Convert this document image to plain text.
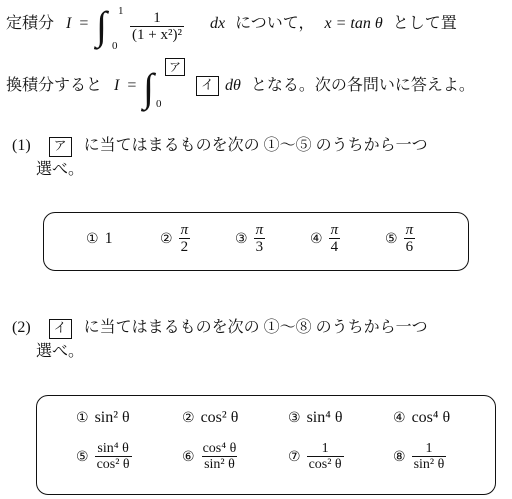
定積分 I = ∫ 1
0
$\frac{1}{\text{(1 + x²)²}}$ dx について， x = tan θ として置
換積分すると I = ∫	ア
0
イ dθ となる。次の各問いに答えよ。
(1) ア に当てはまるものを次の ①〜⑤ のうちから一つ
選べ。
① 1	② $\frac{\pi}{2}$	③ $\frac{\pi}{3}$	④ $\frac{\pi}{4}$	⑤ $\frac{\pi}{6}$
(2) イ に当てはまるものを次の ①〜⑧ のうちから一つ
選べ。
① sin² θ	② cos² θ	③ sin⁴ θ	④ cos⁴ θ
⑤ $\frac{\text{sin⁴ θ}}{\text{cos² θ}}$	⑥ $\frac{\text{cos⁴ θ}}{\text{sin² θ}}$	⑦ $\frac{1}{\text{cos² θ}}$	⑧ $\frac{1}{\text{sin² θ}}$
